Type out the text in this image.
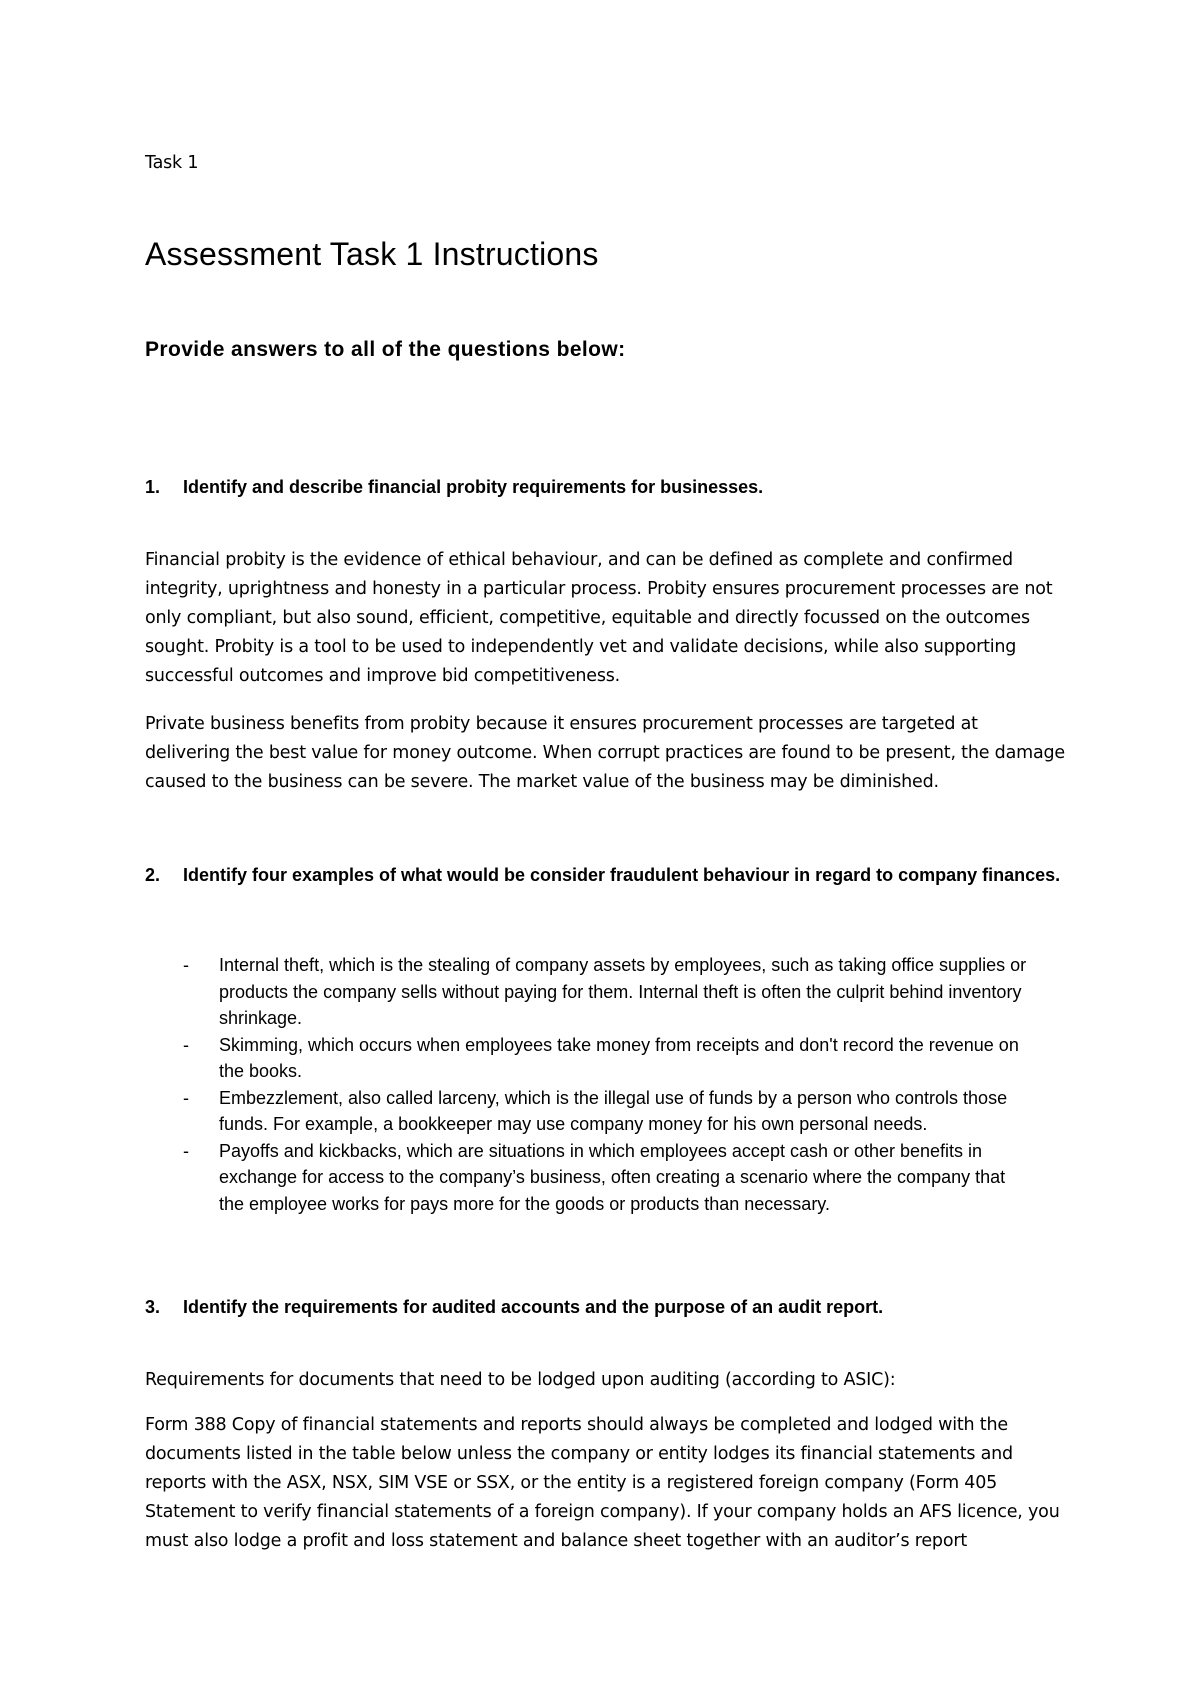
Task 1
Assessment Task 1 Instructions
Provide answers to all of the questions below:
1. Identify and describe financial probity requirements for businesses.

Financial probity is the evidence of ethical behaviour, and can be defined as complete and confirmed integrity, uprightness and honesty in a particular process. Probity ensures procurement processes are not only compliant, but also sound, efficient, competitive, equitable and directly focussed on the outcomes sought. Probity is a tool to be used to independently vet and validate decisions, while also supporting successful outcomes and improve bid competitiveness.

Private business benefits from probity because it ensures procurement processes are targeted at delivering the best value for money outcome. When corrupt practices are found to be present, the damage caused to the business can be severe. The market value of the business may be diminished.

2. Identify four examples of what would be consider fraudulent behaviour in regard to company finances.
- Internal theft, which is the stealing of company assets by employees, such as taking office supplies or products the company sells without paying for them. Internal theft is often the culprit behind inventory shrinkage.
- Skimming, which occurs when employees take money from receipts and don't record the revenue on the books.
- Embezzlement, also called larceny, which is the illegal use of funds by a person who controls those funds. For example, a bookkeeper may use company money for his own personal needs.
- Payoffs and kickbacks, which are situations in which employees accept cash or other benefits in exchange for access to the company’s business, often creating a scenario where the company that the employee works for pays more for the goods or products than necessary.
3. Identify the requirements for audited accounts and the purpose of an audit report.

Requirements for documents that need to be lodged upon auditing (according to ASIC):

Form 388 Copy of financial statements and reports should always be completed and lodged with the documents listed in the table below unless the company or entity lodges its financial statements and reports with the ASX, NSX, SIM VSE or SSX, or the entity is a registered foreign company (Form 405 Statement to verify financial statements of a foreign company). If your company holds an AFS licence, you must also lodge a profit and loss statement and balance sheet together with an auditor’s report
